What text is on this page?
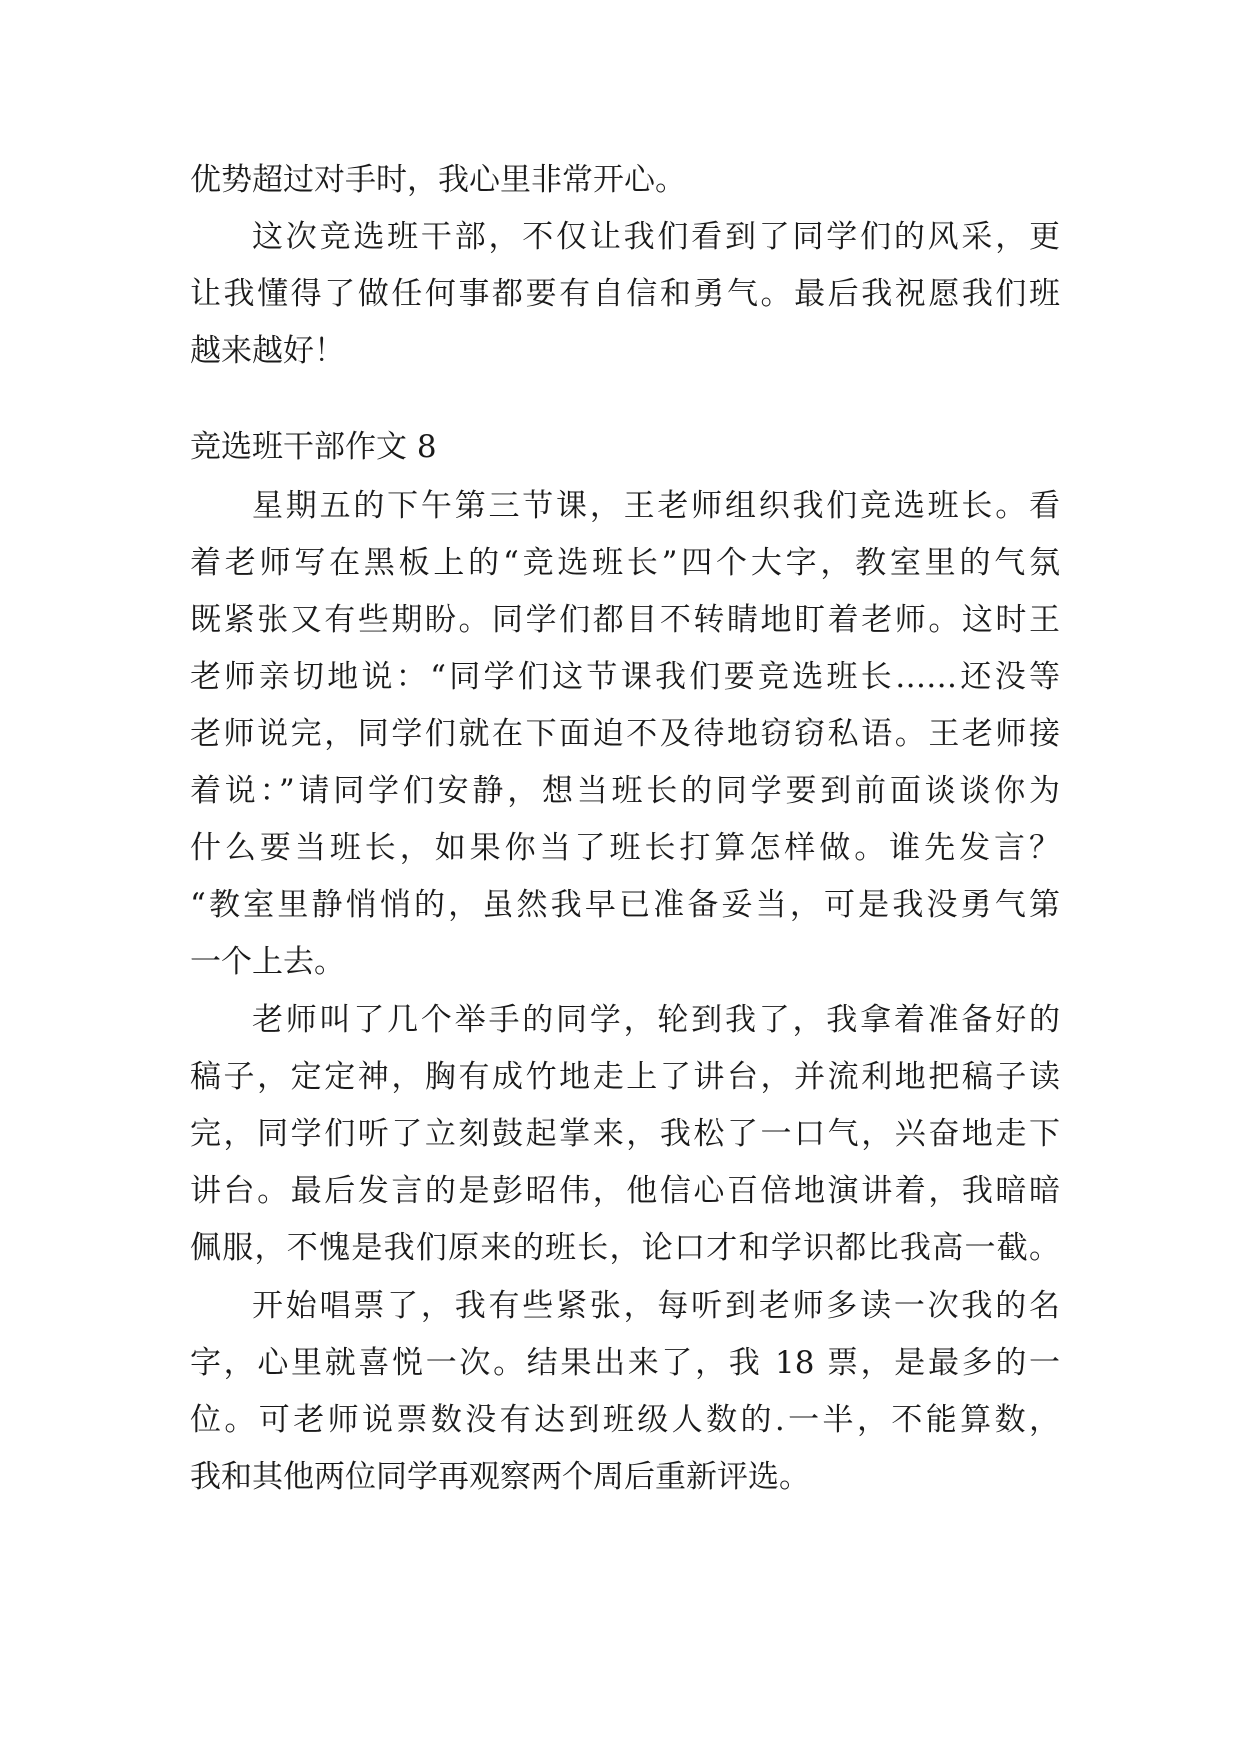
优势超过对手时，我心里非常开心。
这次竞选班干部，不仅让我们看到了同学们的风采，更
让我懂得了做任何事都要有自信和勇气。最后我祝愿我们班
越来越好！
竞选班干部作文 8
星期五的下午第三节课，王老师组织我们竞选班长。看
着老师写在黑板上的“竞选班长”四个大字，教室里的气氛
既紧张又有些期盼。同学们都目不转睛地盯着老师。这时王
老师亲切地说：“同学们这节课我们要竞选班长……还没等
老师说完，同学们就在下面迫不及待地窃窃私语。王老师接
着说：”请同学们安静，想当班长的同学要到前面谈谈你为
什么要当班长，如果你当了班长打算怎样做。谁先发言？
“教室里静悄悄的，虽然我早已准备妥当，可是我没勇气第
一个上去。
老师叫了几个举手的同学，轮到我了，我拿着准备好的
稿子，定定神，胸有成竹地走上了讲台，并流利地把稿子读
完，同学们听了立刻鼓起掌来，我松了一口气，兴奋地走下
讲台。最后发言的是彭昭伟，他信心百倍地演讲着，我暗暗
佩服，不愧是我们原来的班长，论口才和学识都比我高一截。
开始唱票了，我有些紧张，每听到老师多读一次我的名
字，心里就喜悦一次。结果出来了，我 18 票，是最多的一
位。可老师说票数没有达到班级人数的.一半，不能算数，
我和其他两位同学再观察两个周后重新评选。
